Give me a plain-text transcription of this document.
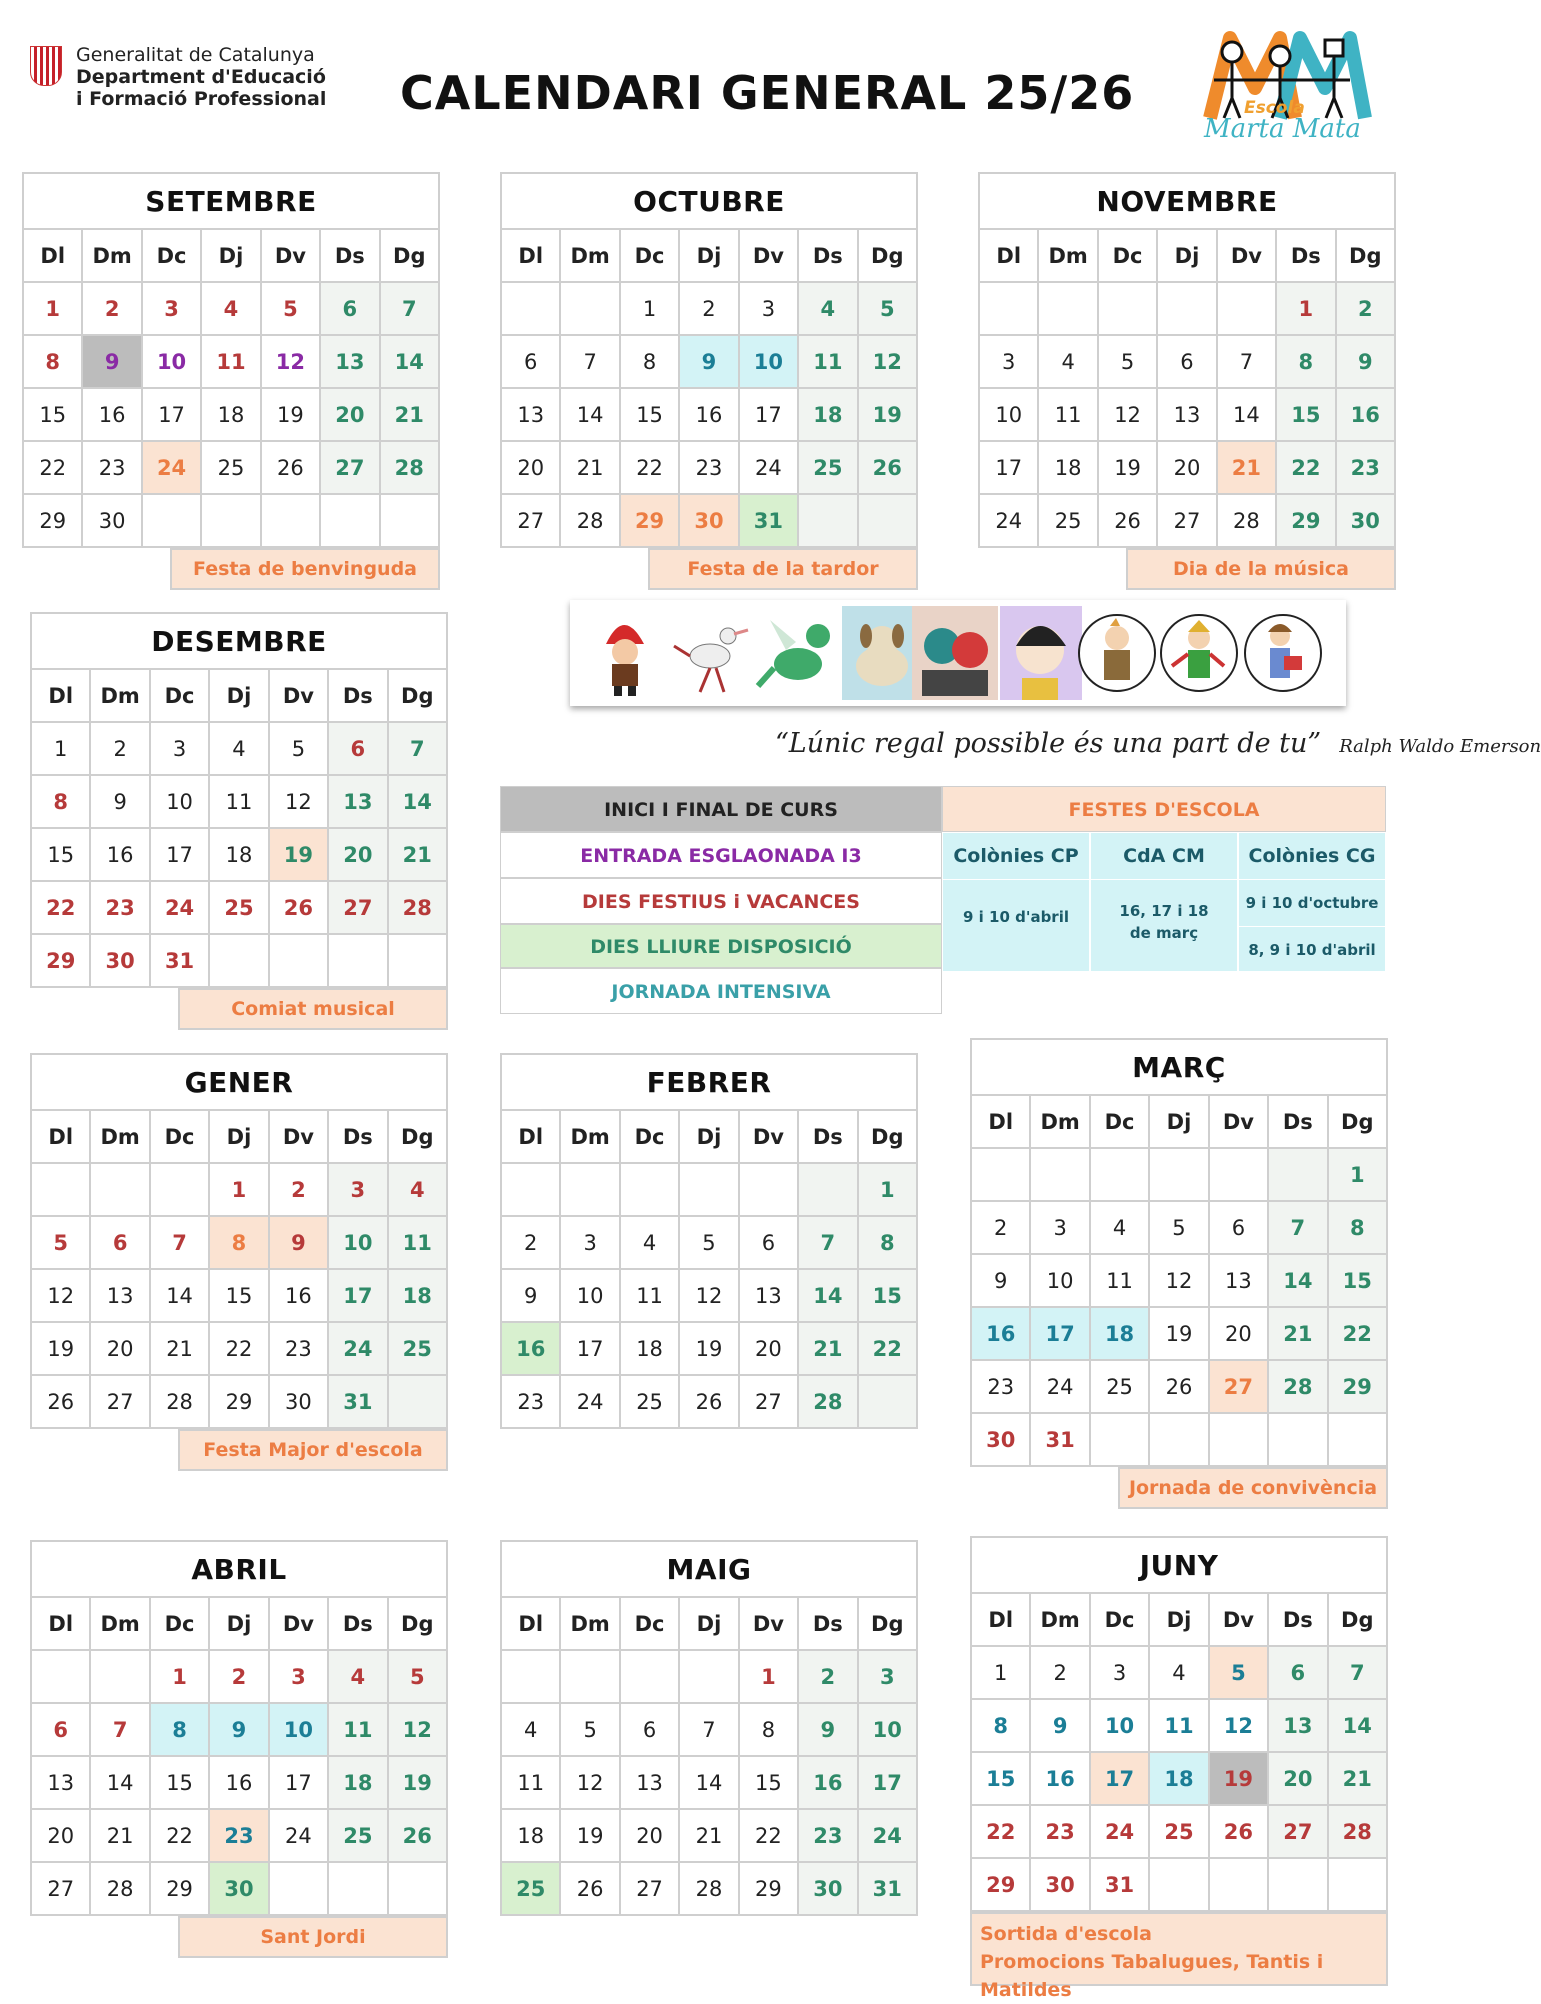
Generalitat de Catalunya
Department d'Educació
i Formació Professional CALENDARI GENERAL 25/26	Escola
Marta Mata
SETEMBRE						
Dl	Dm	Dc	Dj	Dv	Ds	Dg
1	2	3	4	5	6	7
8	9	10	11	12	13	14
15	16	17	18	19	20	21
22	23	24	25	26	27	28
29	30					
Festa de benvinguda
OCTUBRE						
Dl	Dm	Dc	Dj	Dv	Ds	Dg
		1	2	3	4	5
6	7	8	9	10	11	12
13	14	15	16	17	18	19
20	21	22	23	24	25	26
27	28	29	30	31		
Festa de la tardor
NOVEMBRE						
Dl	Dm	Dc	Dj	Dv	Ds	Dg
					1	2
3	4	5	6	7	8	9
10	11	12	13	14	15	16
17	18	19	20	21	22	23
24	25	26	27	28	29	30
Dia de la música
DESEMBRE						
Dl	Dm	Dc	Dj	Dv	Ds	Dg
1	2	3	4	5	6	7
8	9	10	11	12	13	14
15	16	17	18	19	20	21
22	23	24	25	26	27	28
29	30	31				
Comiat musical
GENER						
Dl	Dm	Dc	Dj	Dv	Ds	Dg
			1	2	3	4
5	6	7	8	9	10	11
12	13	14	15	16	17	18
19	20	21	22	23	24	25
26	27	28	29	30	31	
Festa Major d'escola
FEBRER						
Dl	Dm	Dc	Dj	Dv	Ds	Dg
						1
2	3	4	5	6	7	8
9	10	11	12	13	14	15
16	17	18	19	20	21	22
23	24	25	26	27	28	
MARÇ						
Dl	Dm	Dc	Dj	Dv	Ds	Dg
						1
2	3	4	5	6	7	8
9	10	11	12	13	14	15
16	17	18	19	20	21	22
23	24	25	26	27	28	29
30	31					
Jornada de convivència
ABRIL						
Dl	Dm	Dc	Dj	Dv	Ds	Dg
		1	2	3	4	5
6	7	8	9	10	11	12
13	14	15	16	17	18	19
20	21	22	23	24	25	26
27	28	29	30			
Sant Jordi
MAIG						
Dl	Dm	Dc	Dj	Dv	Ds	Dg
				1	2	3
4	5	6	7	8	9	10
11	12	13	14	15	16	17
18	19	20	21	22	23	24
25	26	27	28	29	30	31
JUNY						
Dl	Dm	Dc	Dj	Dv	Ds	Dg
1	2	3	4	5	6	7
8	9	10	11	12	13	14
15	16	17	18	19	20	21
22	23	24	25	26	27	28
29	30	31				
Sortida d'escola
Promocions Tabalugues, Tantis i Matildes
“Lúnic regal possible és una part de tu” Ralph Waldo Emerson
INICI I FINAL DE CURS
ENTRADA ESGLAONADA I3
DIES FESTIUS i VACANCES
DIES LLIURE DISPOSICIÓ
JORNADA INTENSIVA
FESTES D'ESCOLA
Colònies CP
9 i 10 d'abril
CdA CM
16, 17 i 18 de març
Colònies CG
9 i 10 d'octubre
8, 9 i 10 d'abril
